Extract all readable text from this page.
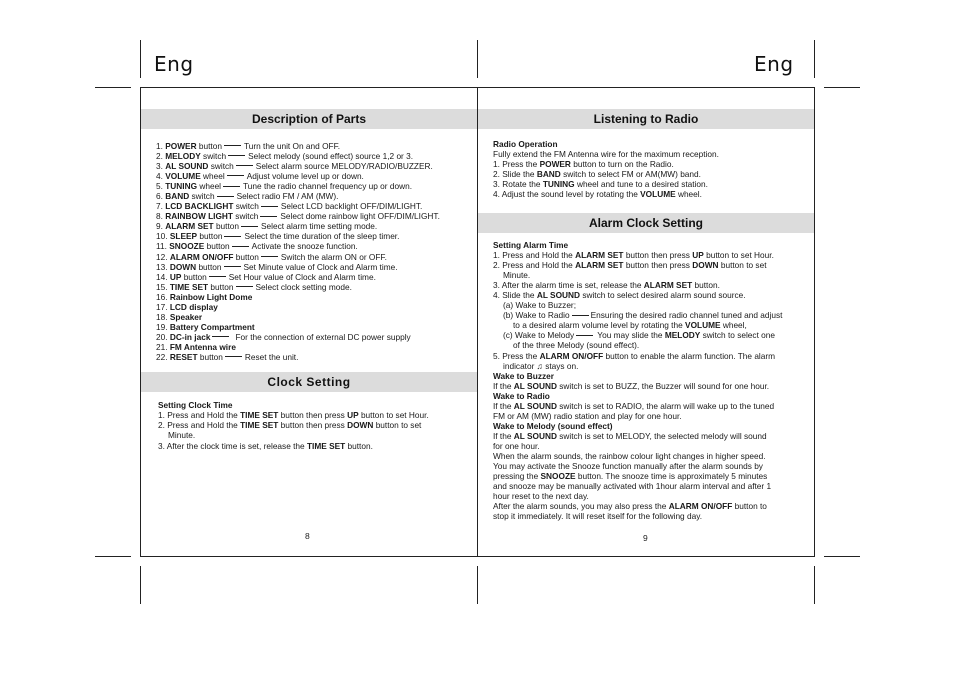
Eng	Eng
Description of Parts

1. POWER button	Turn the unit On and OFF.

2. MELODY switch	Select melody (sound effect) source 1,2 or 3.

3. AL SOUND switch	Select alarm source MELODY/RADIO/BUZZER.

4. VOLUME wheel	Adjust volume level up or down.

5. TUNING wheel	Tune the radio channel frequency up or down.

6. BAND switch	Select radio FM / AM (MW).

7. LCD BACKLIGHT switch	Select LCD backlight OFF/DIM/LIGHT.

8. RAINBOW LIGHT switch	Select dome rainbow light OFF/DIM/LIGHT.

9. ALARM SET button	Select alarm time setting mode.

10. SLEEP button	Select the time duration of the sleep timer.

11. SNOOZE button	Activate the snooze function.

12. ALARM ON/OFF button	Switch the alarm ON or OFF.

13. DOWN button	Set Minute value of Clock and Alarm time.

14. UP button	Set Hour value of Clock and Alarm time.

15. TIME SET button	Select clock setting mode.

16. Rainbow Light Dome

17. LCD display

18. Speaker

19. Battery Compartment

20. DC-in jack	For the connection of external DC power supply

21. FM Antenna wire

22. RESET button	Reset the unit.

Clock Setting

Setting Clock Time

1. Press and Hold the TIME SET button then press UP button to set Hour.

2. Press and Hold the TIME SET button then press DOWN button to set

Minute.

3. After the clock time is set, release the TIME SET button.

8
Listening to Radio

Radio Operation

Fully extend the FM Antenna wire for the maximum reception.

1. Press the POWER button to turn on the Radio.

2. Slide the BAND switch to select FM or AM(MW) band.

3. Rotate the TUNING wheel and tune to a desired station.

4. Adjust the sound level by rotating the VOLUME wheel.

Alarm Clock Setting

Setting Alarm Time

1. Press and Hold the ALARM SET button then press UP button to set Hour.

2. Press and Hold the ALARM SET button then press DOWN button to set

Minute.

3. After the alarm time is set, release the ALARM SET button.

4. Slide the AL SOUND switch to select desired alarm sound source.

(a) Wake to Buzzer;

(b) Wake to Radio	Ensuring the desired radio channel tuned and adjust

to a desired alarm volume level by rotating the VOLUME wheel,

(c) Wake to Melody	You may slide the MELODY switch to select one

of the three Melody (sound effect).

5. Press the ALARM ON/OFF button to enable the alarm function. The alarm

indicator ♫ stays on.

Wake to Buzzer

If the AL SOUND switch is set to BUZZ, the Buzzer will sound for one hour.

Wake to Radio

If the AL SOUND switch is set to RADIO, the alarm will wake up to the tuned

FM or AM (MW) radio station and play for one hour.

Wake to Melody (sound effect)

If the AL SOUND switch is set to MELODY, the selected melody will sound

for one hour.

When the alarm sounds, the rainbow colour light changes in higher speed.

You may activate the Snooze function manually after the alarm sounds by

pressing the SNOOZE button. The snooze time is approximately 5 minutes

and snooze may be manually activated with 1hour alarm interval and after 1

hour reset to the next day.

After the alarm sounds, you may also press the ALARM ON/OFF button to

stop it immediately. It will reset itself for the following day.

9
